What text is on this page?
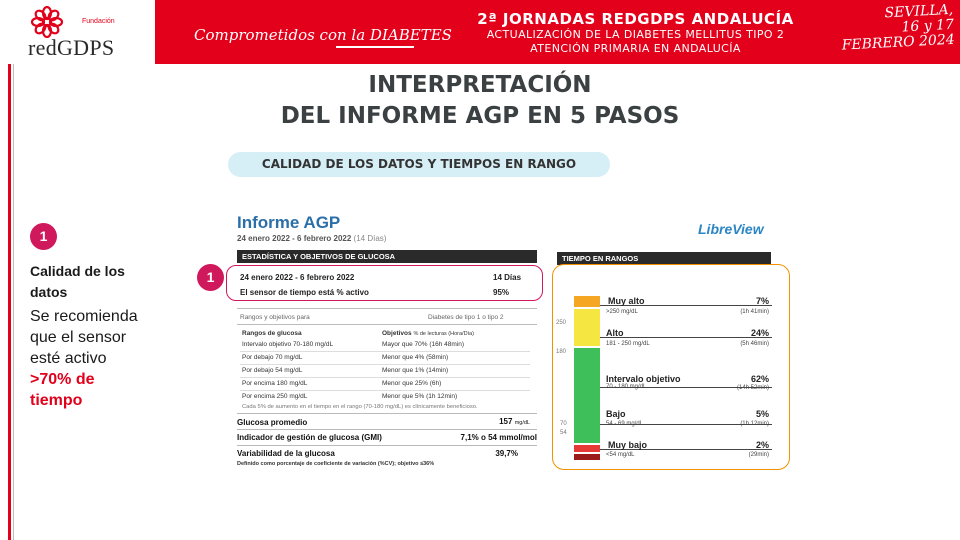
Fundación
redGDPS	Comprometidos con la DIABETES
2ª JORNADAS REDGDPS ANDALUCÍA
ACTUALIZACIÓN DE LA DIABETES MELLITUS TIPO 2
ATENCIÓN PRIMARIA EN ANDALUCÍA
SEVILLA,
16 y 17
FEBRERO 2024
INTERPRETACIÓN
DEL INFORME AGP EN 5 PASOS
CALIDAD DE LOS DATOS Y TIEMPOS EN RANGO
1
Calidad de los datos
Se recomienda que el sensor esté activo
>70% de
tiempo
Informe AGP
24 enero 2022 - 6 febrero 2022 (14 Días)
LibreView
ESTADÍSTICA Y OBJETIVOS DE GLUCOSA
1	24 enero 2022 - 6 febrero 2022	14 Días
El sensor de tiempo está % activo	95%
Rangos y objetivos para	Diabetes de tipo 1 o tipo 2
Rangos de glucosa	Objetivos % de lecturas (Hora/Día)
Intervalo objetivo 70-180 mg/dL	Mayor que 70% (16h 48min)
Por debajo 70 mg/dL	Menor que 4% (58min)
Por debajo 54 mg/dL	Menor que 1% (14min)
Por encima 180 mg/dL	Menor que 25% (6h)
Por encima 250 mg/dL	Menor que 5% (1h 12min)
Cada 5% de aumento en el tiempo en el rango (70-180 mg/dL) es clínicamente beneficioso.
Glucosa promedio	157 mg/dL
Indicador de gestión de glucosa (GMI)	7,1% o 54 mmol/mol
Variabilidad de la glucosa	39,7%
Definido como porcentaje de coeficiente de variación (%CV); objetivo ≤36%
TIEMPO EN RANGOS
250
180
70
54
Muy alto
>250 mg/dL
7%
(1h 41min)
Alto
181 - 250 mg/dL
24%
(5h 46min)
Intervalo objetivo
70 - 180 mg/dL
62%
(14h 52min)
Bajo
54 - 69 mg/dL
5%
(1h 12min)
Muy bajo
<54 mg/dL
2%
(29min)
